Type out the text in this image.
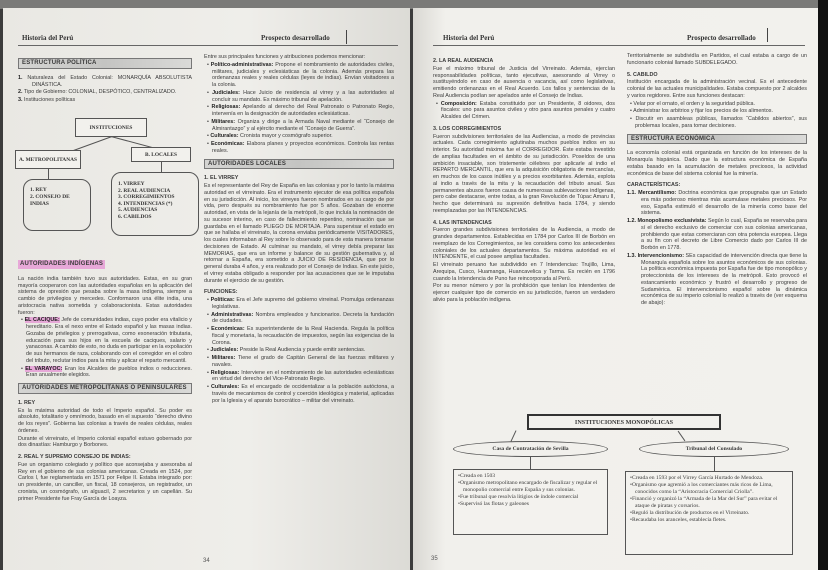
Historia del Perú	Prospecto desarrollado
ESTRUCTURA POLÍTICA
1. Naturaleza del Estado Colonial: MONARQUÍA ABSOLUTISTA DINÁSTICA.
2. Tipo de Gobierno: COLONIAL, DESPÓTICO, CENTRALIZADO.
3. Instituciones políticas
INSTITUCIONES
A. METROPOLITANAS
B. LOCALES
1. REY
2. CONSEJO DE INDIAS
1. VIRREY
2. REAL AUDIENCIA
3. CORREGIMIENTOS
4. INTENDENCIAS (*)
5. AUDIENCIAS
6. CABILDOS
AUTORIDADES INDÍGENAS
La nación india también tuvo sus autoridades. Estas, en su gran mayoría cooperaron con las autoridades españolas en la aplicación del sistema de opresión que pesaba sobre la masa indígena, siempre a cambio de privilegios y mercedes. Conformaron una élite india, una aristocracia nativa sometida y colaboracionista. Estas autoridades fueron:
• EL CACIQUE: Jefe de comunidades indias, cuyo poder era vitalicio y hereditario. Era el nexo entre el Estado español y las masas indias. Gozaba de privilegios y prerrogativas, como exoneración tributaria, educación para sus hijos en la escuela de caciques, salario y yanaconas. A cambio de esto, no duda en participar en la expoliación de sus hermanos de raza, colaborando con el corregidor en el cobro del tributo, reclutar indios para la mita y aplicar el reparto mercantil.
• EL VARAYOC: Eran los Alcaldes de pueblos indios o reducciones. Eran anualmente elegidos.
AUTORIDADES METROPOLITANAS O PENINSULARES
1. REY
Es la máxima autoridad de todo el Imperio español. Su poder es absoluto, totalitario y omnímodo, basado en el supuesto “derecho divino de los reyes”. Gobierna las colonias a través de reales cédulas, reales órdenes.
Durante el virreinato, el Imperio colonial español estuvo gobernado por dos dinastías: Hamburgo y Borbones.
2. REAL Y SUPREMO CONSEJO DE INDIAS:
Fue un organismo colegiado y político que aconsejaba y asesoraba al Rey en el gobierno de sus colonias americanas. Creada en 1524, por Carlos I, fue reglamentada en 1571 por Felipe II. Estaba integrado por: un presidente, un canciller, un fiscal, 18 consejeros, un registrador, un cronista, un cosmógrafo, un alguacil, 2 secretarios y un capellán. Su primer Presidente fue Fray García de Loayza.
Entre sus principales funciones y atribuciones podemos mencionar:
• Político-administrativas: Propone el nombramiento de autoridades civiles, militares, judiciales y eclesiásticas de la colonia. Además prepara las ordenanzas reales y reales cédulas (leyes de indias). Envían visitadores a la colonia.
• Judiciales: Hace Juicio de residencia al virrey y a las autoridades al concluir su mandato. Es máximo tribunal de apelación.
• Religiosas: Apelando al derecho del Real Patronato o Patronato Regio, intervenía en la designación de autoridades eclesiásticas.
• Militares: Organiza y dirige a la Armada Naval mediante el “Consejo de Almirantazgo” y al ejército mediante el “Consejo de Guerra”.
• Culturales: Cronista mayor y cosmógrafo superior.
• Económicas: Elabora planes y proyectos económicos. Controla las rentas reales.
AUTORIDADES LOCALES
1. EL VIRREY
Es el representante del Rey de España en las colonias y por lo tanto la máxima autoridad en el virreinato. Era el instrumento ejecutor de esa política española en su jurisdicción. Al inicio, los virreyes fueron nombrados en su cargo de por vida, pero después su nombramiento fue por 5 años. Gozaban de enorme autoridad, en vista de la lejanía de la metrópoli, lo que incluía la nominación de su sucesor interino, en caso de fallecimiento repentino, nominación que se guardaba en el llamado PLIEGO DE MORTAJA. Para supervisar el estado en que se hallaba el virreinato, la corona enviaba periódicamente VISITADORES, los cuales informaban al Rey sobre lo observado para de esta manera tomarse decisiones de Estado. Al culminar su mandato, el virrey debía preparar las MEMORIAS, que era un informe y balance de su gestión gubernativa y, al retornar a España, era sometido a JUICIO DE RESIDENCIA, que por lo general duraba 4 años, y era realizado por el Consejo de Indias. En este juicio, el virrey estaba obligado a responder por las acusaciones que se le imputaba durante el ejercicio de su gestión.
FUNCIONES:
• Políticas: Era el Jefe supremo del gobierno virreinal. Promulga ordenanzas legislativas.
• Administrativas: Nombra empleados y funcionarios. Decreta la fundación de ciudades.
• Económicas: Es superintendente de la Real Hacienda. Regula la política fiscal y monetaria, la recaudación de impuestos, según las exigencias de la Corona.
• Judiciales: Preside la Real Audiencia y puede emitir sentencias.
• Militares: Tiene el grado de Capitán General de las fuerzas militares y navales.
• Religiosas: Interviene en el nombramiento de las autoridades eclesiásticas en virtud del derecho del Vice-Patronato Regio.
• Culturales: Es el encargado de occidentalizar a la población autóctona, a través de mecanismos de control y coerción ideológica y material, aplicadas por la Iglesia y el aparato burocrático – militar del virreinato.
34
Historia del Perú	Prospecto desarrollado
2. LA REAL AUDIENCIA
Fue el máximo tribunal de Justicia del Virreinato. Además, ejercían responsabilidades políticas, tanto ejecutivas, asesorando al Virrey o sustituyéndolo en caso de ausencia o vacancia, así como legislativas, emitiendo ordenanzas en el Real Acuerdo. Los fallos y sentencias de la Real Audiencia podían ser apelados ante el Consejo de Indias.
• Composición: Estaba constituido por un Presidente, 8 oidores, dos fiscales: uno para asuntos civiles y otro para asuntos penales y cuatro Alcaldes del Crimen.
3. LOS CORREGIMIENTOS
Fueron subdivisiones territoriales de las Audiencias, a modo de provincias actuales. Cada corregimiento aglutinaba muchos pueblos indios en su interior. Su autoridad máxima fue el CORREGIDOR. Éste estaba investido de amplias facultades en el ámbito de su jurisdicción. Poseídos de una ambición insaciable, son tristemente célebres por aplicarle al indio el REPARTO MERCANTIL, que era la adquisición obligatoria de mercancías, en muchos de los casos inútiles y a precios exorbitantes. Además, explota al indio a través de la mita y la recaudación del tributo anual. Sus permanentes abusos fueron causa de numerosas sublevaciones indígenas, pero cabe destacarse, entre todas, a la gran Revolución de Túpac Amaru II, hecho que determinará su supresión definitiva hacia 1784, y siendo reemplazadas por las INTENDENCIAS.
4. LAS INTENDENCIAS
Fueron grandes subdivisiones territoriales de la Audiencia, a modo de grandes departamentos. Establecidas en 1784 por Carlos III de Borbón en reemplazo de los Corregimientos, se les considera como los antecedentes coloniales de los actuales departamentos. Su máxima autoridad es el INTENDENTE, el cual posee amplias facultades.
El virreinato peruano fue subdividido en 7 Intendencias: Trujillo, Lima, Arequipa, Cusco, Huamanga, Huancavelica y Tarma. Es recién en 1796 cuando la Intendencia de Puno fue reincorporada al Perú.
Por su menor número y por la prohibición que tenían los intendentes de ejercer cualquier tipo de comercio en su jurisdicción, fueron un verdadero alivio para la población indígena.
Territorialmente se subdividía en Partidos, el cual estaba a cargo de un funcionario colonial llamado SUBDELEGADO.
5. CABILDO
Institución encargada de la administración vecinal. Es el antecedente colonial de las actuales municipalidades. Estaba compuesto por 2 alcaldes y varios regidores. Entre sus funciones destacan:
• Velar por el ornato, el orden y la seguridad pública.
• Administrar los arbitrios y fijar los precios de los alimentos.
• Discutir en asambleas públicas, llamados “Cabildos abiertos”, sus problemas locales, para tomar decisiones.
ESTRUCTURA ECONÓMICA
La economía colonial está organizada en función de los intereses de la Monarquía hispánica. Dado que la estructura económica de España estaba basado en la acumulación de metales preciosos, la actividad económica de base del sistema colonial fue la minería.
CARACTERÍSTICAS:
1.1. Mercantilismo: Doctrina económica que propugnaba que un Estado era más poderoso mientras más acumulase metales preciosos. Por eso, España estimuló el desarrollo de la minería como base del sistema.
1.2. Monopolismo exclusivista: Según lo cual, España se reservaba para sí el derecho exclusivo de comerciar con sus colonias americanas, prohibiendo que estas comerciaran con otra potencia europea. Llega a su fin con el decreto de Libre Comercio dado por Carlos III de Borbón en 1778.
1.3. Intervencionismo: SEs capacidad de intervención directa que tiene la Monarquía española sobre los asuntos económicos de sus colonias. La política económica impuesta por España fue de tipo monopólico y proteccionista de los intereses de la metrópoli. Esto provocó el estancamiento económico y frustró el desarrollo y progreso de Sudamérica. El intervencionismo español sobre la dinámica económica de su imperio colonial lo realizó a través de (ver esquema de abajo):
INSTITUCIONES MONOPÓLICAS
Casa de Contratación de Sevilla	Tribunal del Consulado
• Creada en 1503
• Organismo metropolitano encargado de fiscalizar y regular el monopolio comercial entre España y sus colonias.
• Fue tribunal que resolvía litigios de índole comercial
• Supervisó las flotas y galeones
• Creada en 1593 por el Virrey García Hurtado de Mendoza.
• Organismo que agremió a los comerciantes más ricos de Lima, conocidos como la “Aristocracia Comercial Criolla”.
• Financió y organizó la “Armada de la Mar del Sur” para evitar el ataque de piratas y corsarios.
• Reguló la distribución de productos en el Virreinato.
• Recaudaba los aranceles, establecía fletes.
35
